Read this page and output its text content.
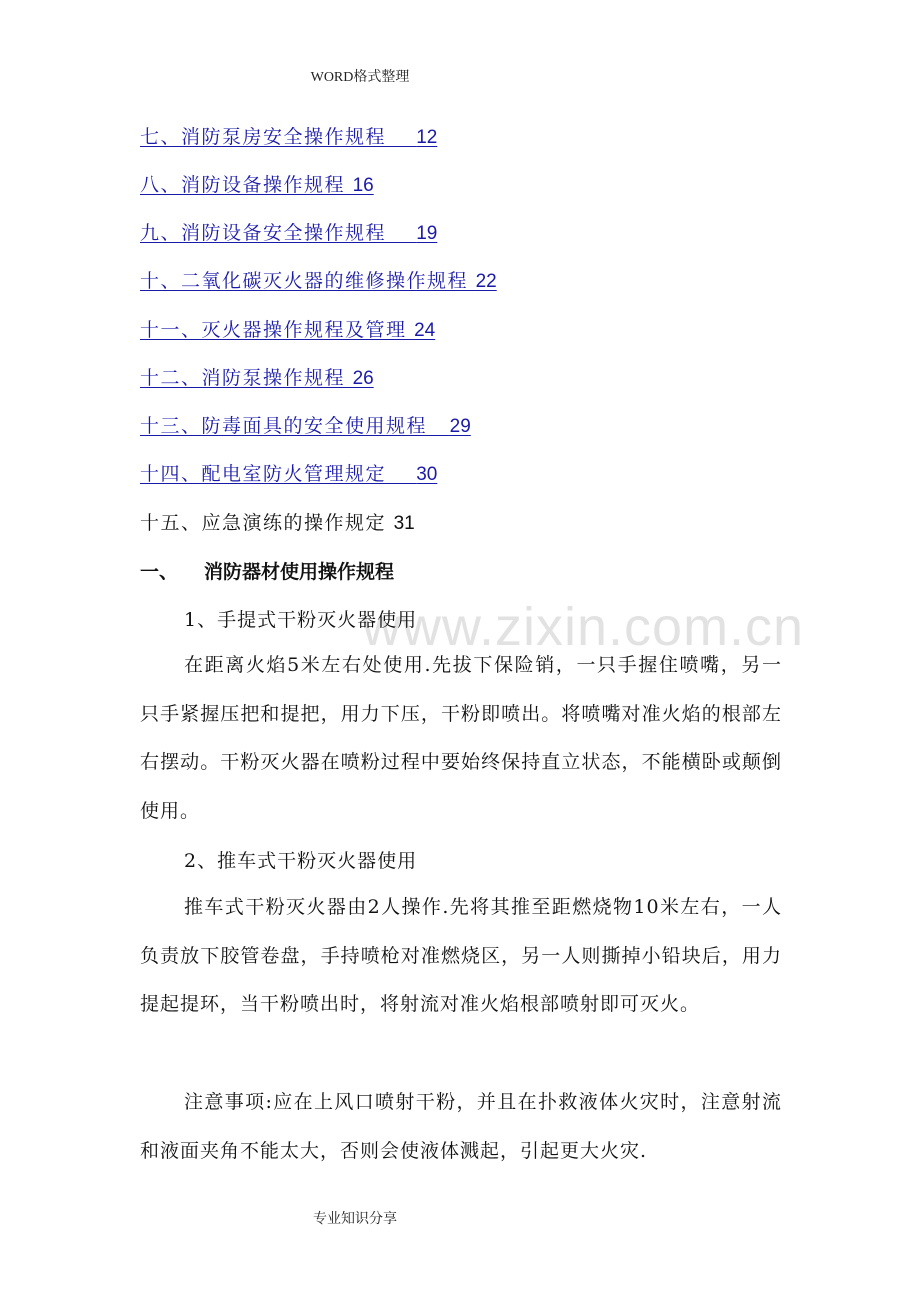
WORD格式整理
七、消防泵房安全操作规程 12
八、消防设备操作规程 16
九、消防设备安全操作规程 19
十、二氧化碳灭火器的维修操作规程 22
十一、灭火器操作规程及管理 24
十二、消防泵操作规程 26
十三、防毒面具的安全使用规程 29
十四、配电室防火管理规定 30
十五、应急演练的操作规定 31
一、 消防器材使用操作规程
www.zixin.com.cn
1、手提式干粉灭火器使用
在距离火焰5米左右处使用.先拔下保险销，一只手握住喷嘴，另一只手紧握压把和提把，用力下压，干粉即喷出。将喷嘴对准火焰的根部左右摆动。干粉灭火器在喷粉过程中要始终保持直立状态，不能横卧或颠倒使用。
2、推车式干粉灭火器使用
推车式干粉灭火器由2人操作.先将其推至距燃烧物10米左右，一人负责放下胶管卷盘，手持喷枪对准燃烧区，另一人则撕掉小铅块后，用力提起提环，当干粉喷出时，将射流对准火焰根部喷射即可灭火。
注意事项:应在上风口喷射干粉，并且在扑救液体火灾时，注意射流和液面夹角不能太大，否则会使液体溅起，引起更大火灾.
专业知识分享
